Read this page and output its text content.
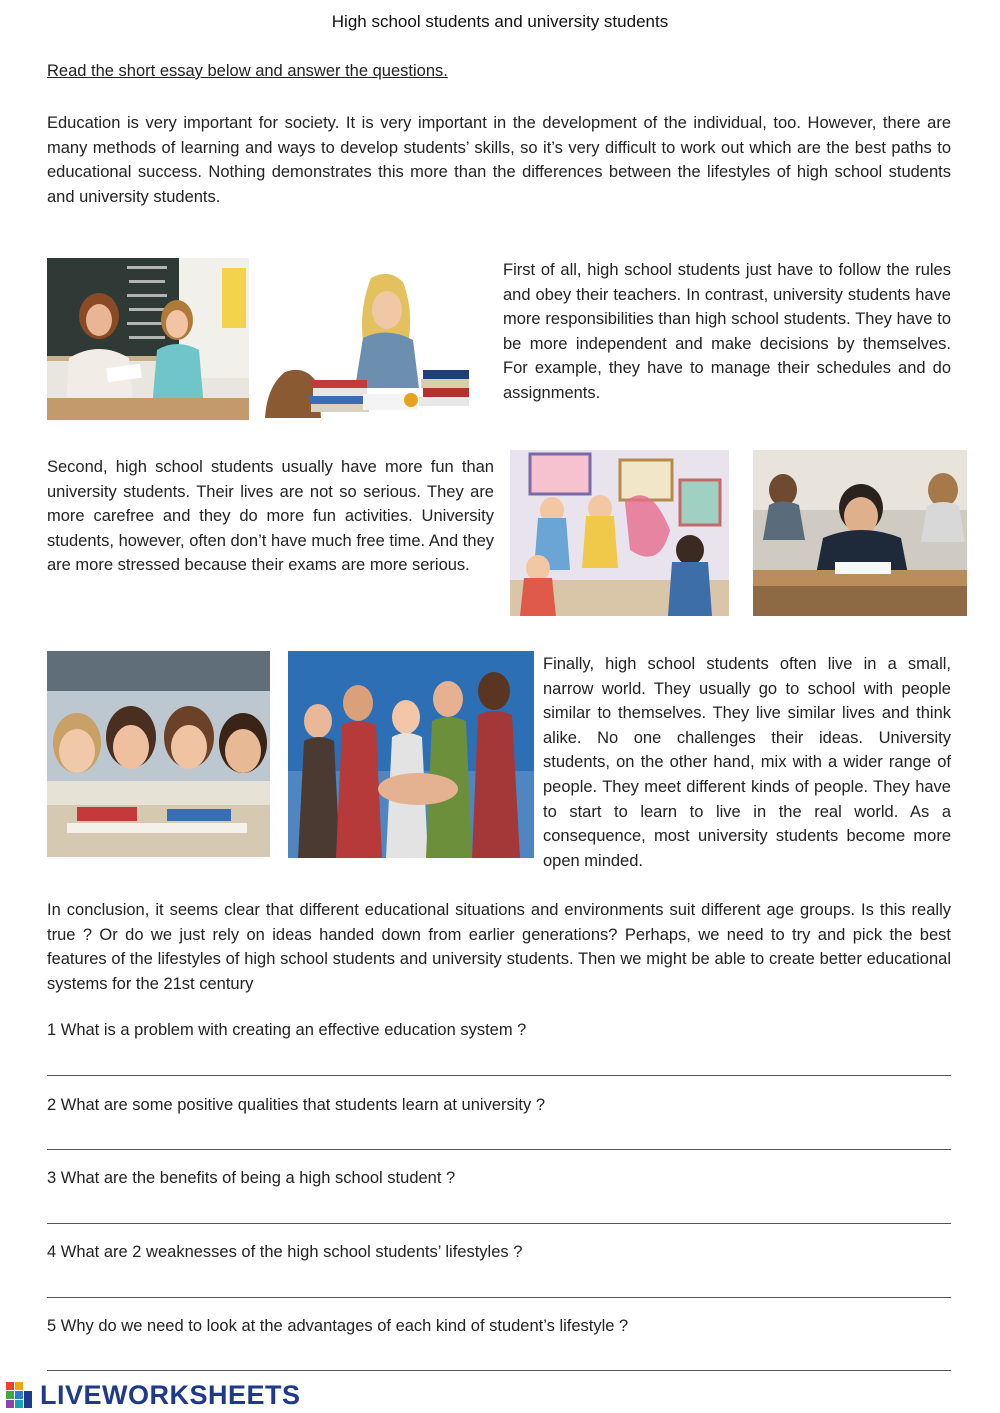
High school students and university students
Read the short essay below and answer the questions.

Education is very important for society. It is very important in the development of the individual, too. However, there are many methods of learning and ways to develop students’ skills, so it’s very difficult to work out which are the best paths to educational success. Nothing demonstrates this more than the differences between the lifestyles of high school students and university students.

First of all, high school students just have to follow the rules and obey their teachers. In contrast, university students have more responsibilities than high school students. They have to be more independent and make decisions by themselves. For example, they have to manage their schedules and do assignments.

Second, high school students usually have more fun than university students. Their lives are not so serious. They are more carefree and they do more fun activities. University students, however, often don’t have much free time. And they are more stressed because their exams are more serious.

Finally, high school students often live in a small, narrow world. They usually go to school with people similar to themselves. They live similar lives and think alike. No one challenges their ideas. University students, on the other hand, mix with a wider range of people. They meet different kinds of people. They have to start to learn to live in the real world. As a consequence, most university students become more open minded.

In conclusion, it seems clear that different educational situations and environments suit different age groups. Is this really true ? Or do we just rely on ideas handed down from earlier generations? Perhaps, we need to try and pick the best features of the lifestyles of high school students and university students. Then we might be able to create better educational systems for the 21st century

1 What is a problem with creating an effective education system ?
2 What are some positive qualities that students learn at university ?
3 What are the benefits of being a high school student ?
4 What are 2 weaknesses of the high school students’ lifestyles ?
5 Why do we need to look at the advantages of each kind of student’s lifestyle ?
LIVEWORKSHEETS
